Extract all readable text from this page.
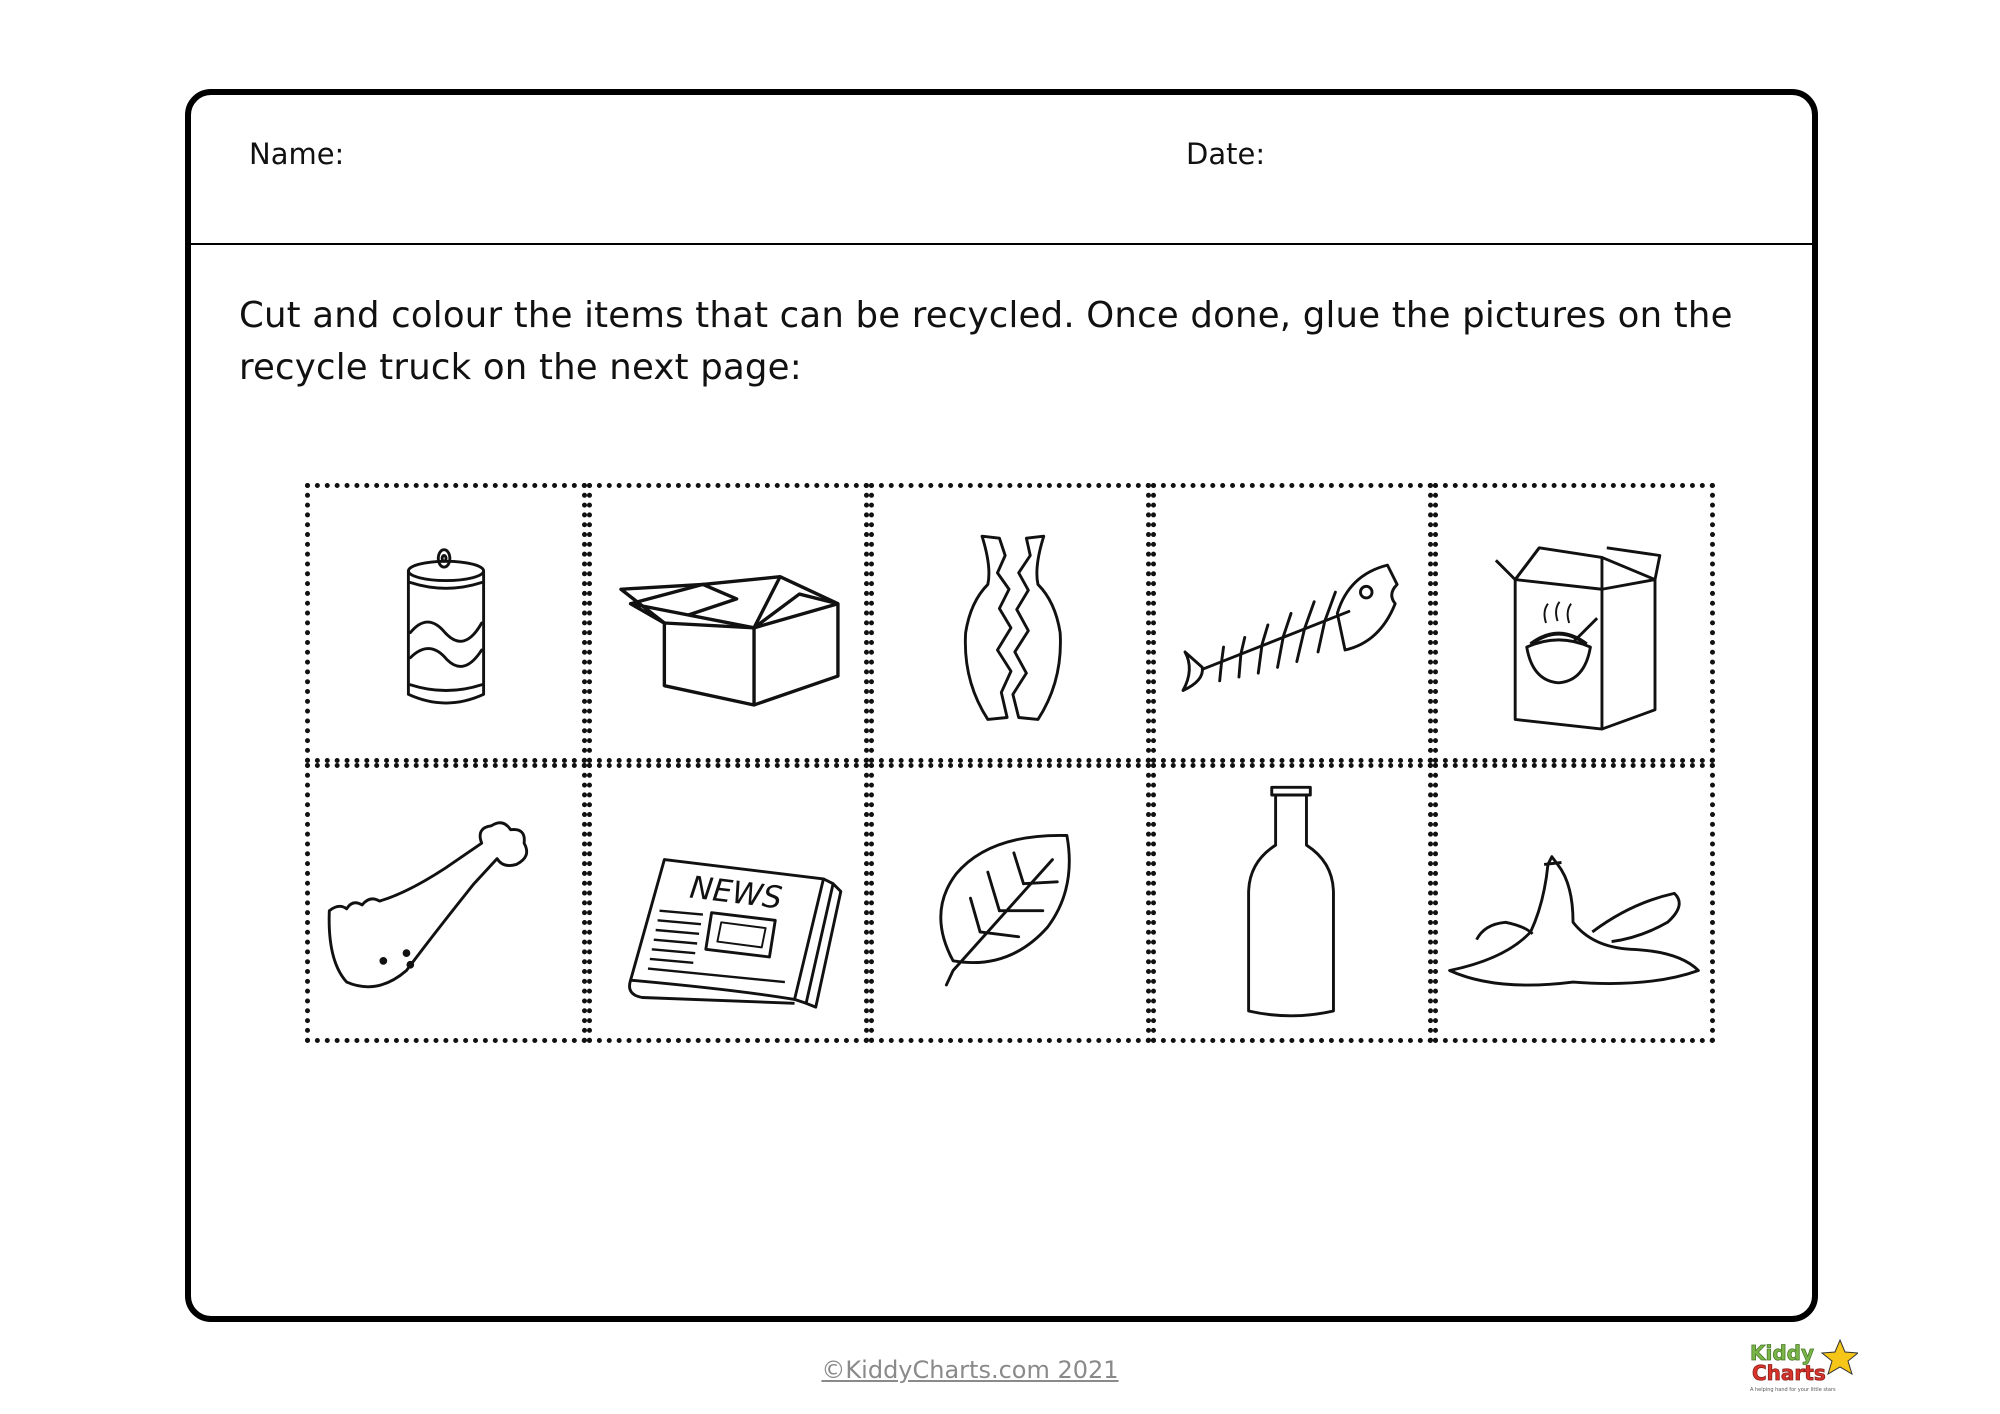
Name:	Date:

Cut and colour the items that can be recycled. Once done, glue the pictures on the recycle truck on the next page:

NEWS
©KiddyCharts.com 2021
Kiddy
Charts
A helping hand for your little stars
